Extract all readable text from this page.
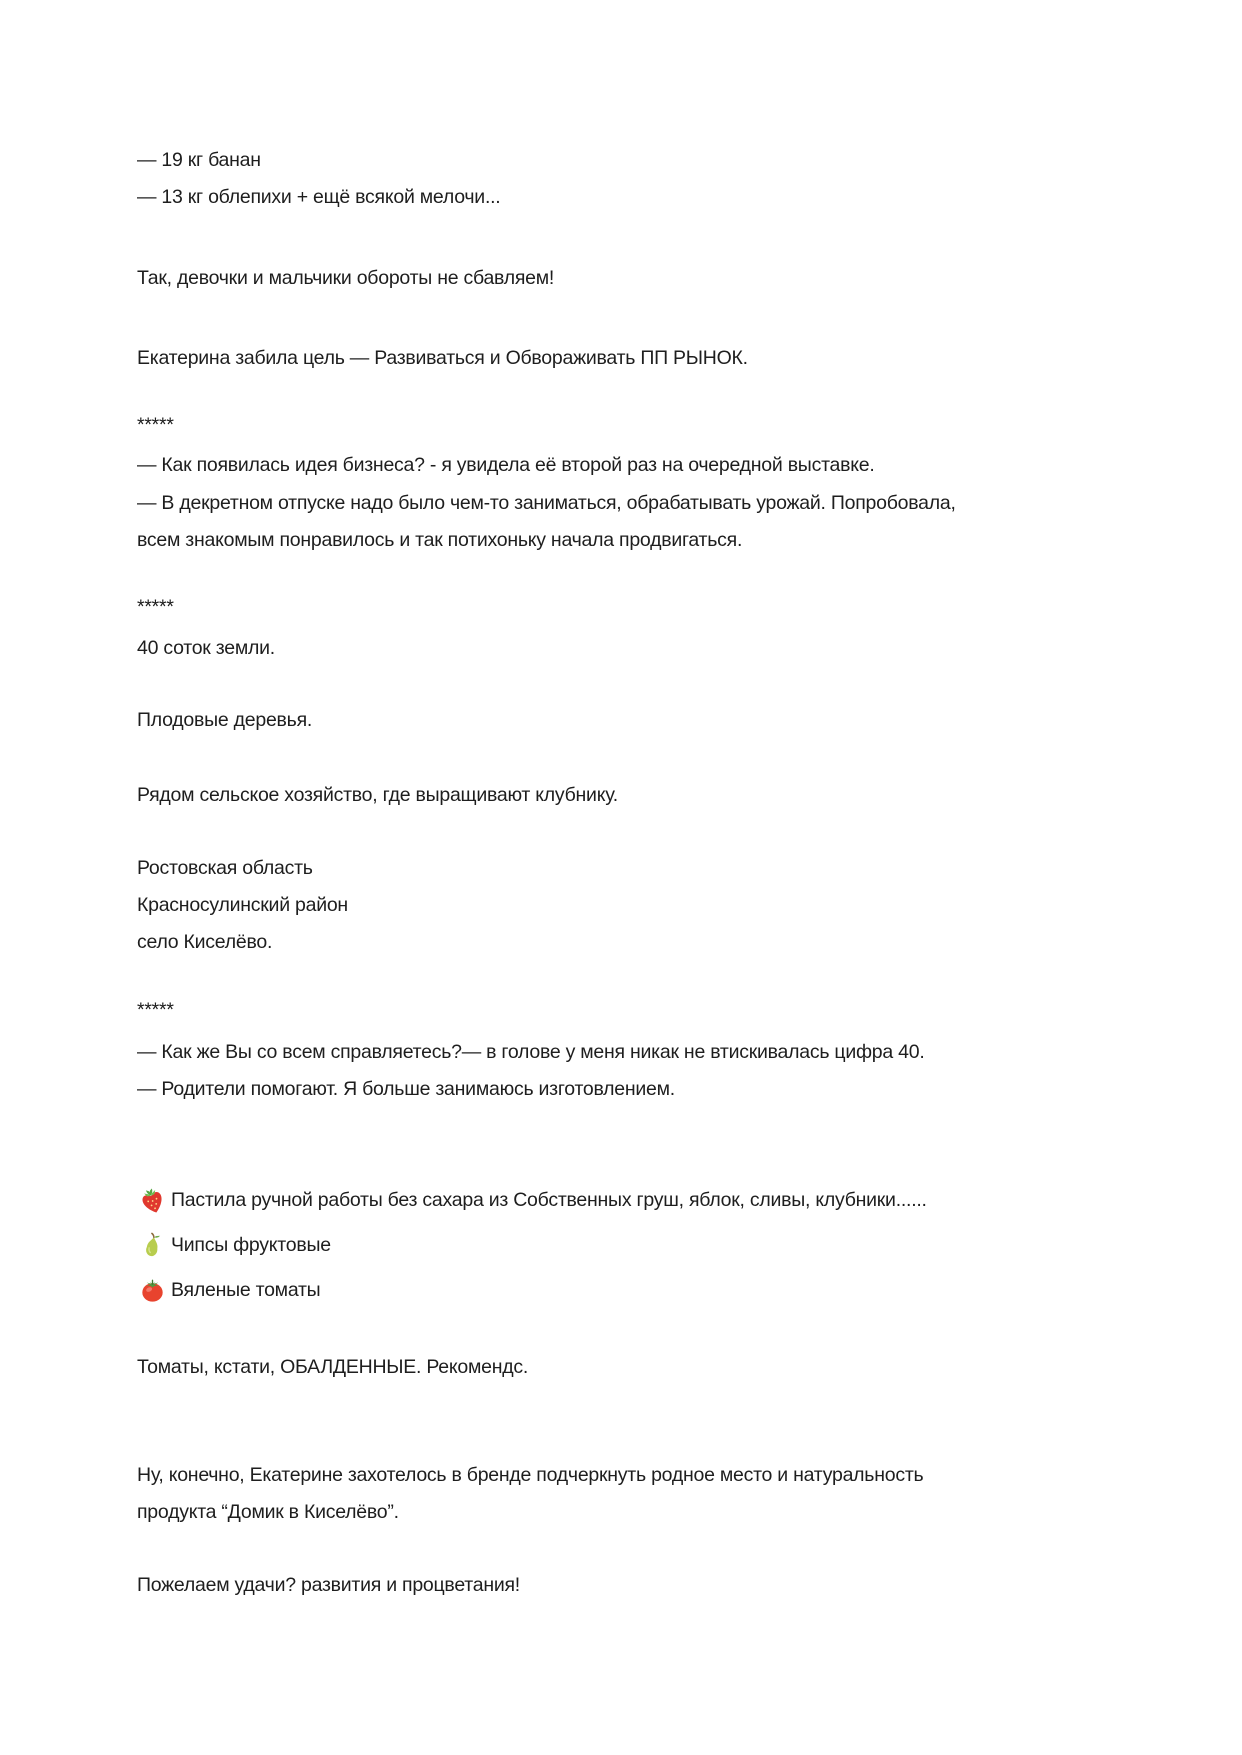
— 19 кг банан

— 13 кг облепихи + ещё всякой мелочи...

Так, девочки и мальчики обороты не сбавляем!

Екатерина забила цель — Развиваться и Обвораживать ПП РЫНОК.

*****

— Как появилась идея бизнеса? - я увидела её второй раз на очередной выставке.

— В декретном отпуске надо было чем-то заниматься, обрабатывать урожай. Попробовала,

всем знакомым понравилось и так потихоньку начала продвигаться.

*****

40 соток земли.

Плодовые деревья.

Рядом сельское хозяйство, где выращивают клубнику.

Ростовская область

Красносулинский район

село Киселёво.

*****

— Как же Вы со всем справляетесь?— в голове у меня никак не втискивалась цифра 40.

— Родители помогают. Я больше занимаюсь изготовлением.

Пастила ручной работы без сахара из Собственных груш, яблок, сливы, клубники......

Чипсы фруктовые

Вяленые томаты

Томаты, кстати, ОБАЛДЕННЫЕ. Рекомендс.

Ну, конечно, Екатерине захотелось в бренде подчеркнуть родное место и натуральность

продукта “Домик в Киселёво”.

Пожелаем удачи? развития и процветания!
